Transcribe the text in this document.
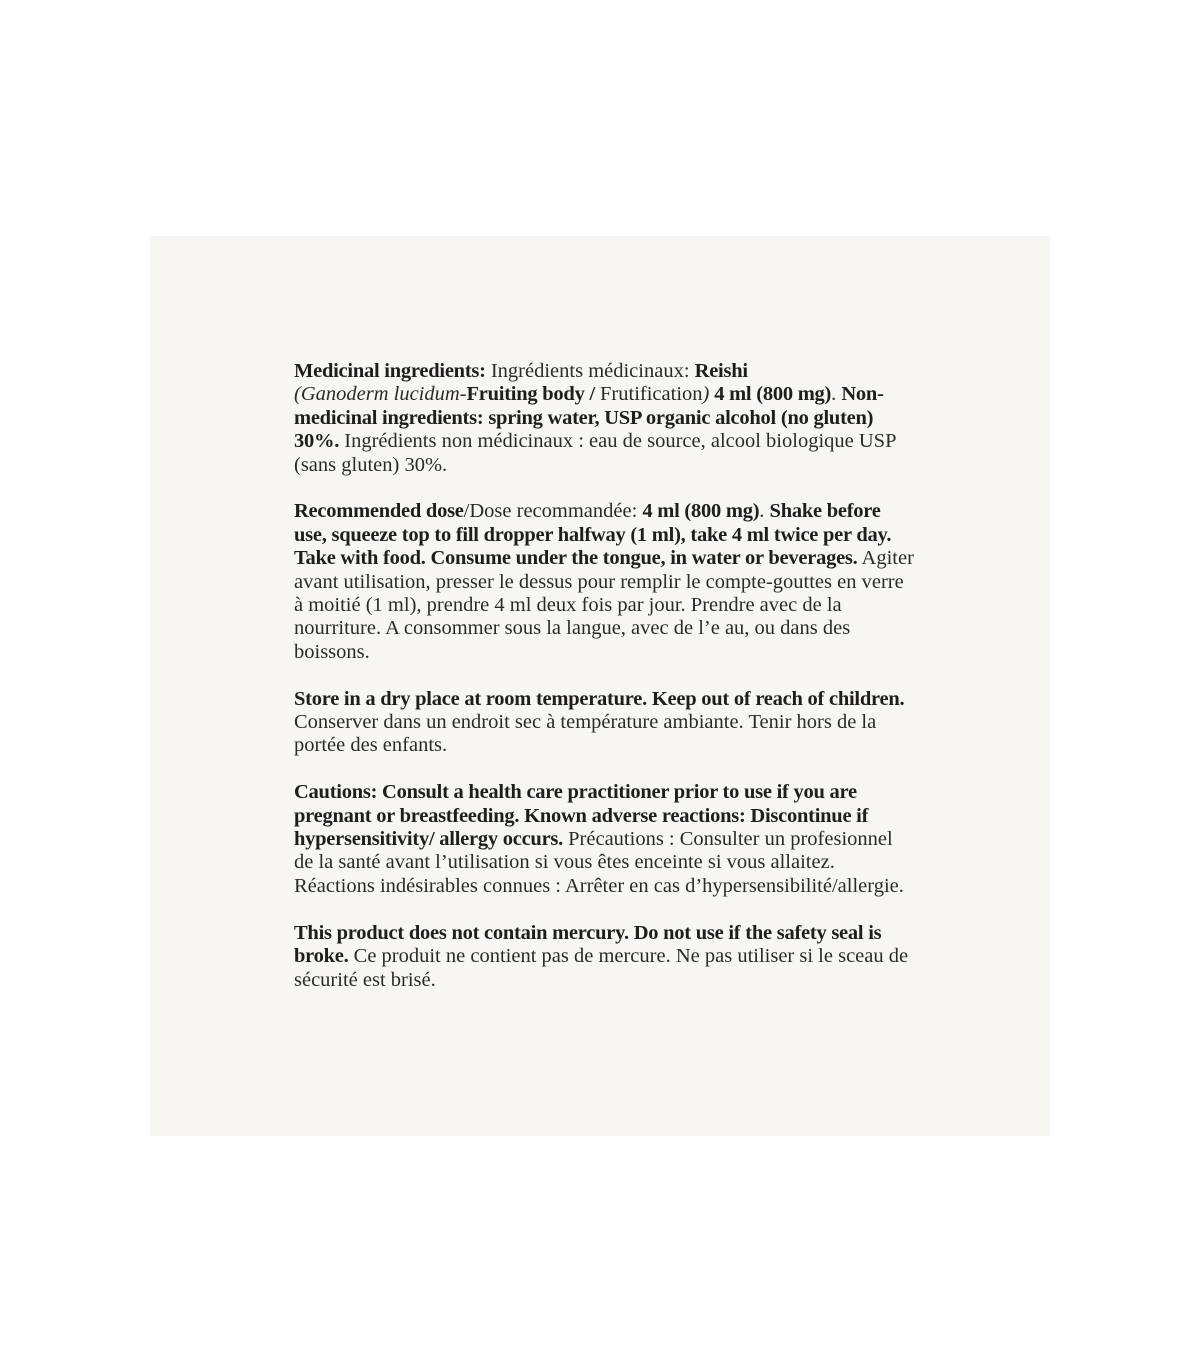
Medicinal ingredients: Ingrédients médicinaux: Reishi
(Ganoderm lucidum-Fruiting body / Frutification) 4 ml (800 mg). Non-medicinal ingredients: spring water, USP organic alcohol (no gluten) 30%. Ingrédients non médicinaux : eau de source, alcool biologique USP (sans gluten) 30%.

Recommended dose/Dose recommandée: 4 ml (800 mg). Shake before use, squeeze top to fill dropper halfway (1 ml), take 4 ml twice per day. Take with food. Consume under the tongue, in water or beverages. Agiter avant utilisation, presser le dessus pour remplir le compte-gouttes en verre à moitié (1 ml), prendre 4 ml deux fois par jour. Prendre avec de la nourriture. A consommer sous la langue, avec de l’e au, ou dans des boissons.

Store in a dry place at room temperature. Keep out of reach of children. Conserver dans un endroit sec à température ambiante. Tenir hors de la portée des enfants.

Cautions: Consult a health care practitioner prior to use if you are pregnant or breastfeeding. Known adverse reactions: Discontinue if hypersensitivity/ allergy occurs. Précautions : Consulter un profesionnel de la santé avant l’utilisation si vous êtes enceinte si vous allaitez. Réactions indésirables connues : Arrêter en cas d’hypersensibilité/allergie.

This product does not contain mercury. Do not use if the safety seal is broke. Ce produit ne contient pas de mercure. Ne pas utiliser si le sceau de sécurité est brisé.
